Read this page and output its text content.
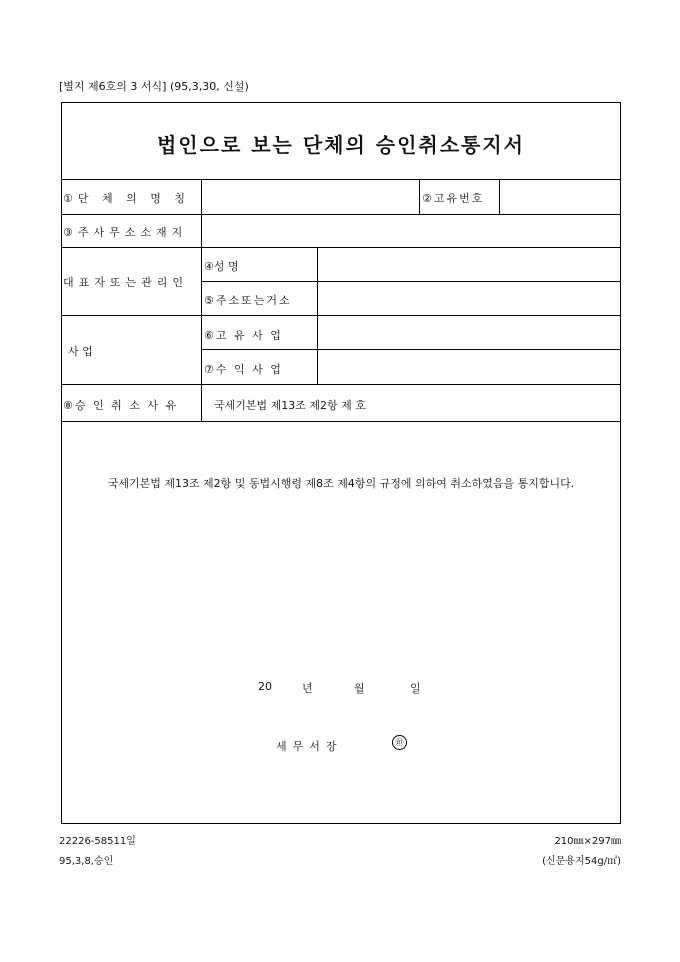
[별지 제6호의 3 서식] (95,3,30, 신설)
법인으로 보는 단체의 승인취소통지서
①단 체 의 명 칭	②고유번호
③주사무소소재지
대표자또는관리인
④성 명
⑤주소또는거소
사 업
⑥고 유 사 업
⑦수 익 사 업
⑧승 인 취 소 사 유	국세기본법 제13조 제2항 제 호
국세기본법 제13조 제2항 및 동법시행령 제8조 제4항의 규정에 의하여 취소하였음을 통지합니다.
20	년	월	일
세무서장	㊞
22226-58511일
95,3,8,승인
210㎜×297㎜
(신문용지54g/㎡)
